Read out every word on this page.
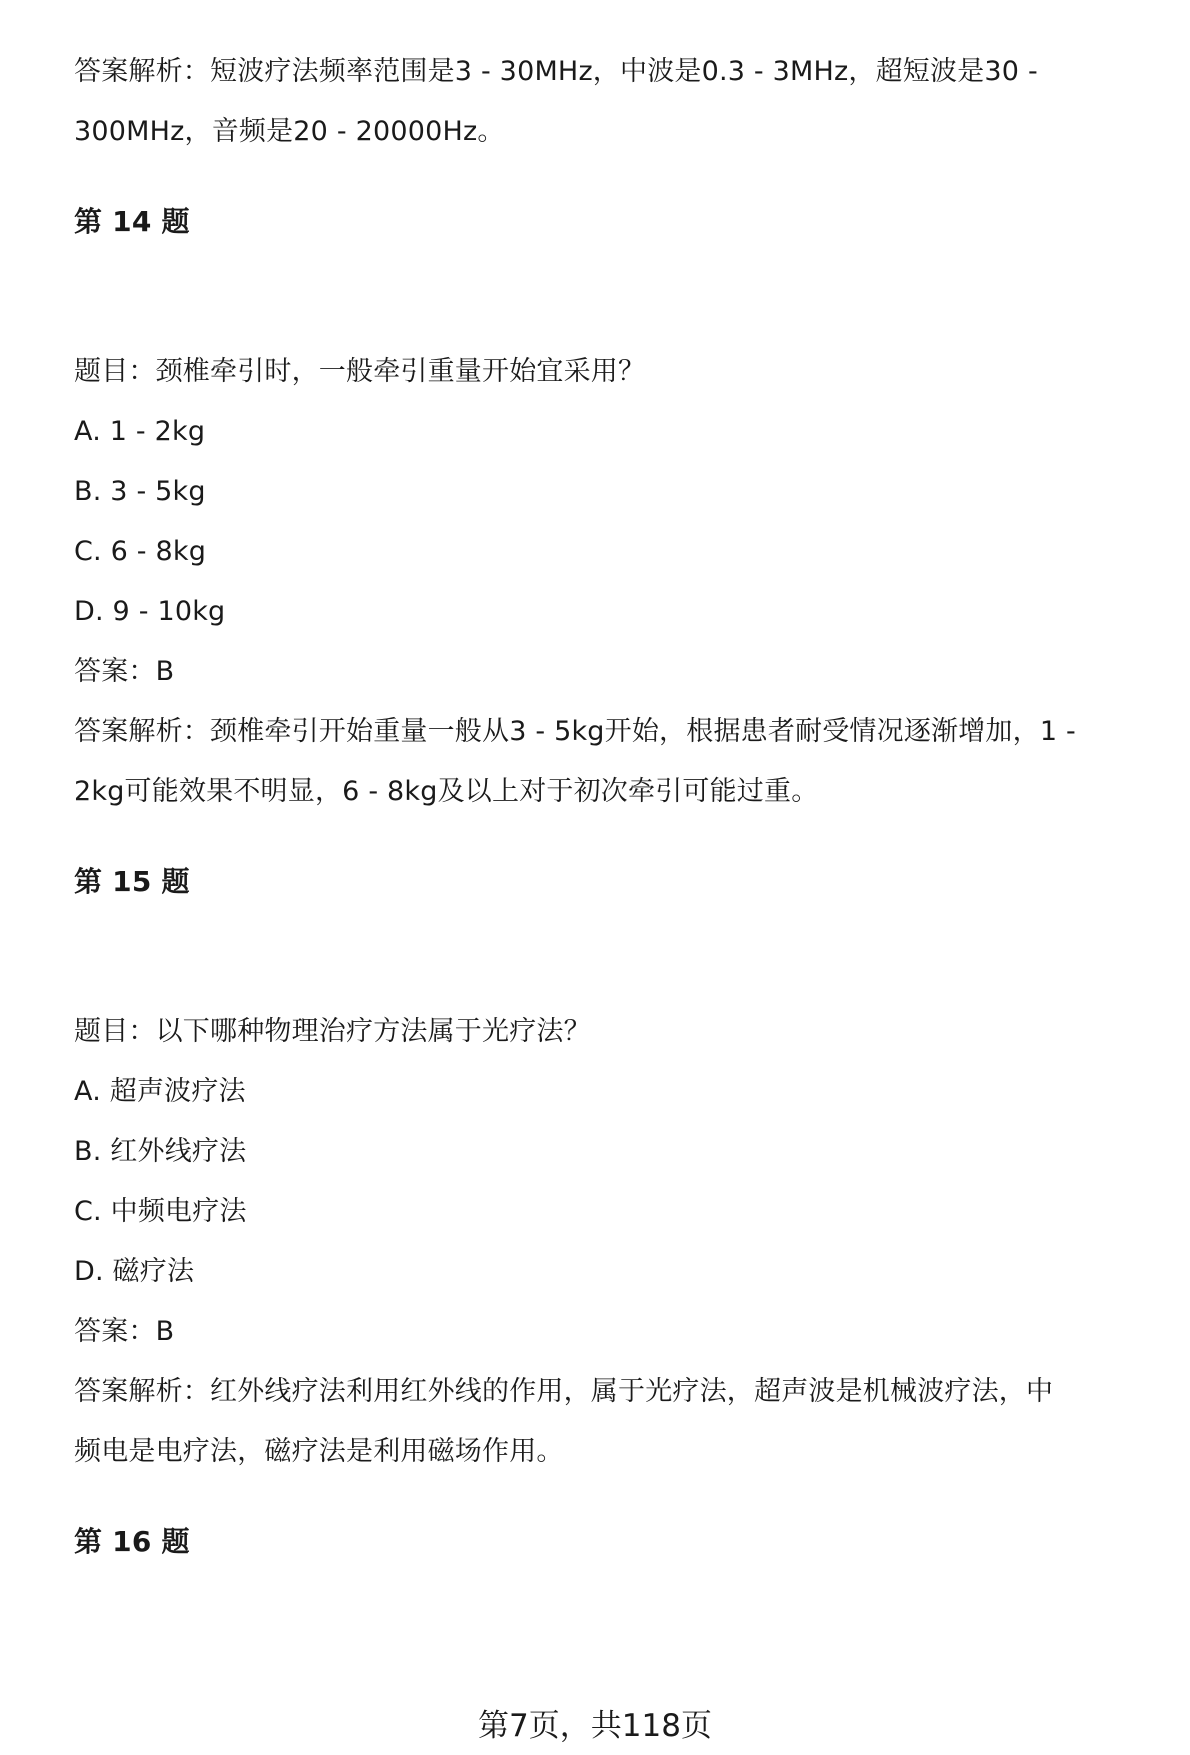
答案解析：短波疗法频率范围是3 - 30MHz，中波是0.3 - 3MHz，超短波是30 -
300MHz，音频是20 - 20000Hz。
第 14 题
题目：颈椎牵引时，一般牵引重量开始宜采用？
A. 1 - 2kg
B. 3 - 5kg
C. 6 - 8kg
D. 9 - 10kg
答案：B
答案解析：颈椎牵引开始重量一般从3 - 5kg开始，根据患者耐受情况逐渐增加，1 -
2kg可能效果不明显，6 - 8kg及以上对于初次牵引可能过重。
第 15 题
题目：以下哪种物理治疗方法属于光疗法？
A. 超声波疗法
B. 红外线疗法
C. 中频电疗法
D. 磁疗法
答案：B
答案解析：红外线疗法利用红外线的作用，属于光疗法，超声波是机械波疗法，中
频电是电疗法，磁疗法是利用磁场作用。
第 16 题
第7页，共118页
